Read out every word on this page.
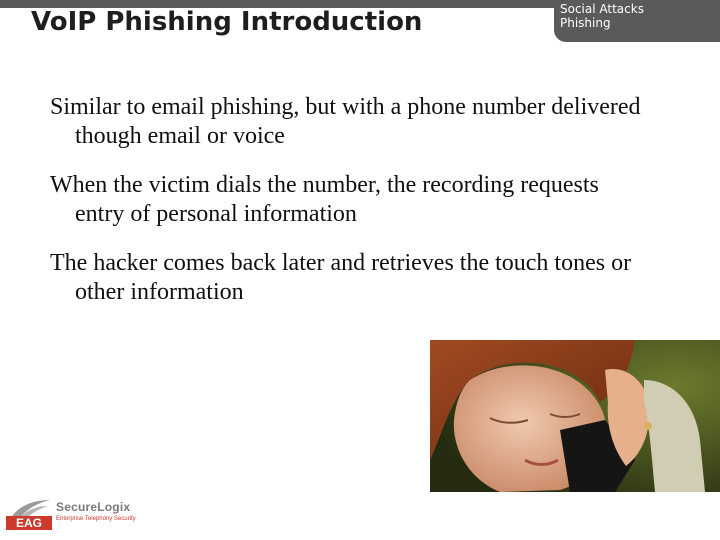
Social Attacks
Phishing
VoIP Phishing Introduction
Similar to email phishing, but with a phone number delivered though email or voice
When the victim dials the number, the recording requests entry of personal information
The hacker comes back later and retrieves the touch tones or other information
EAG
SecureLogix
Enterprise Telephony Security
